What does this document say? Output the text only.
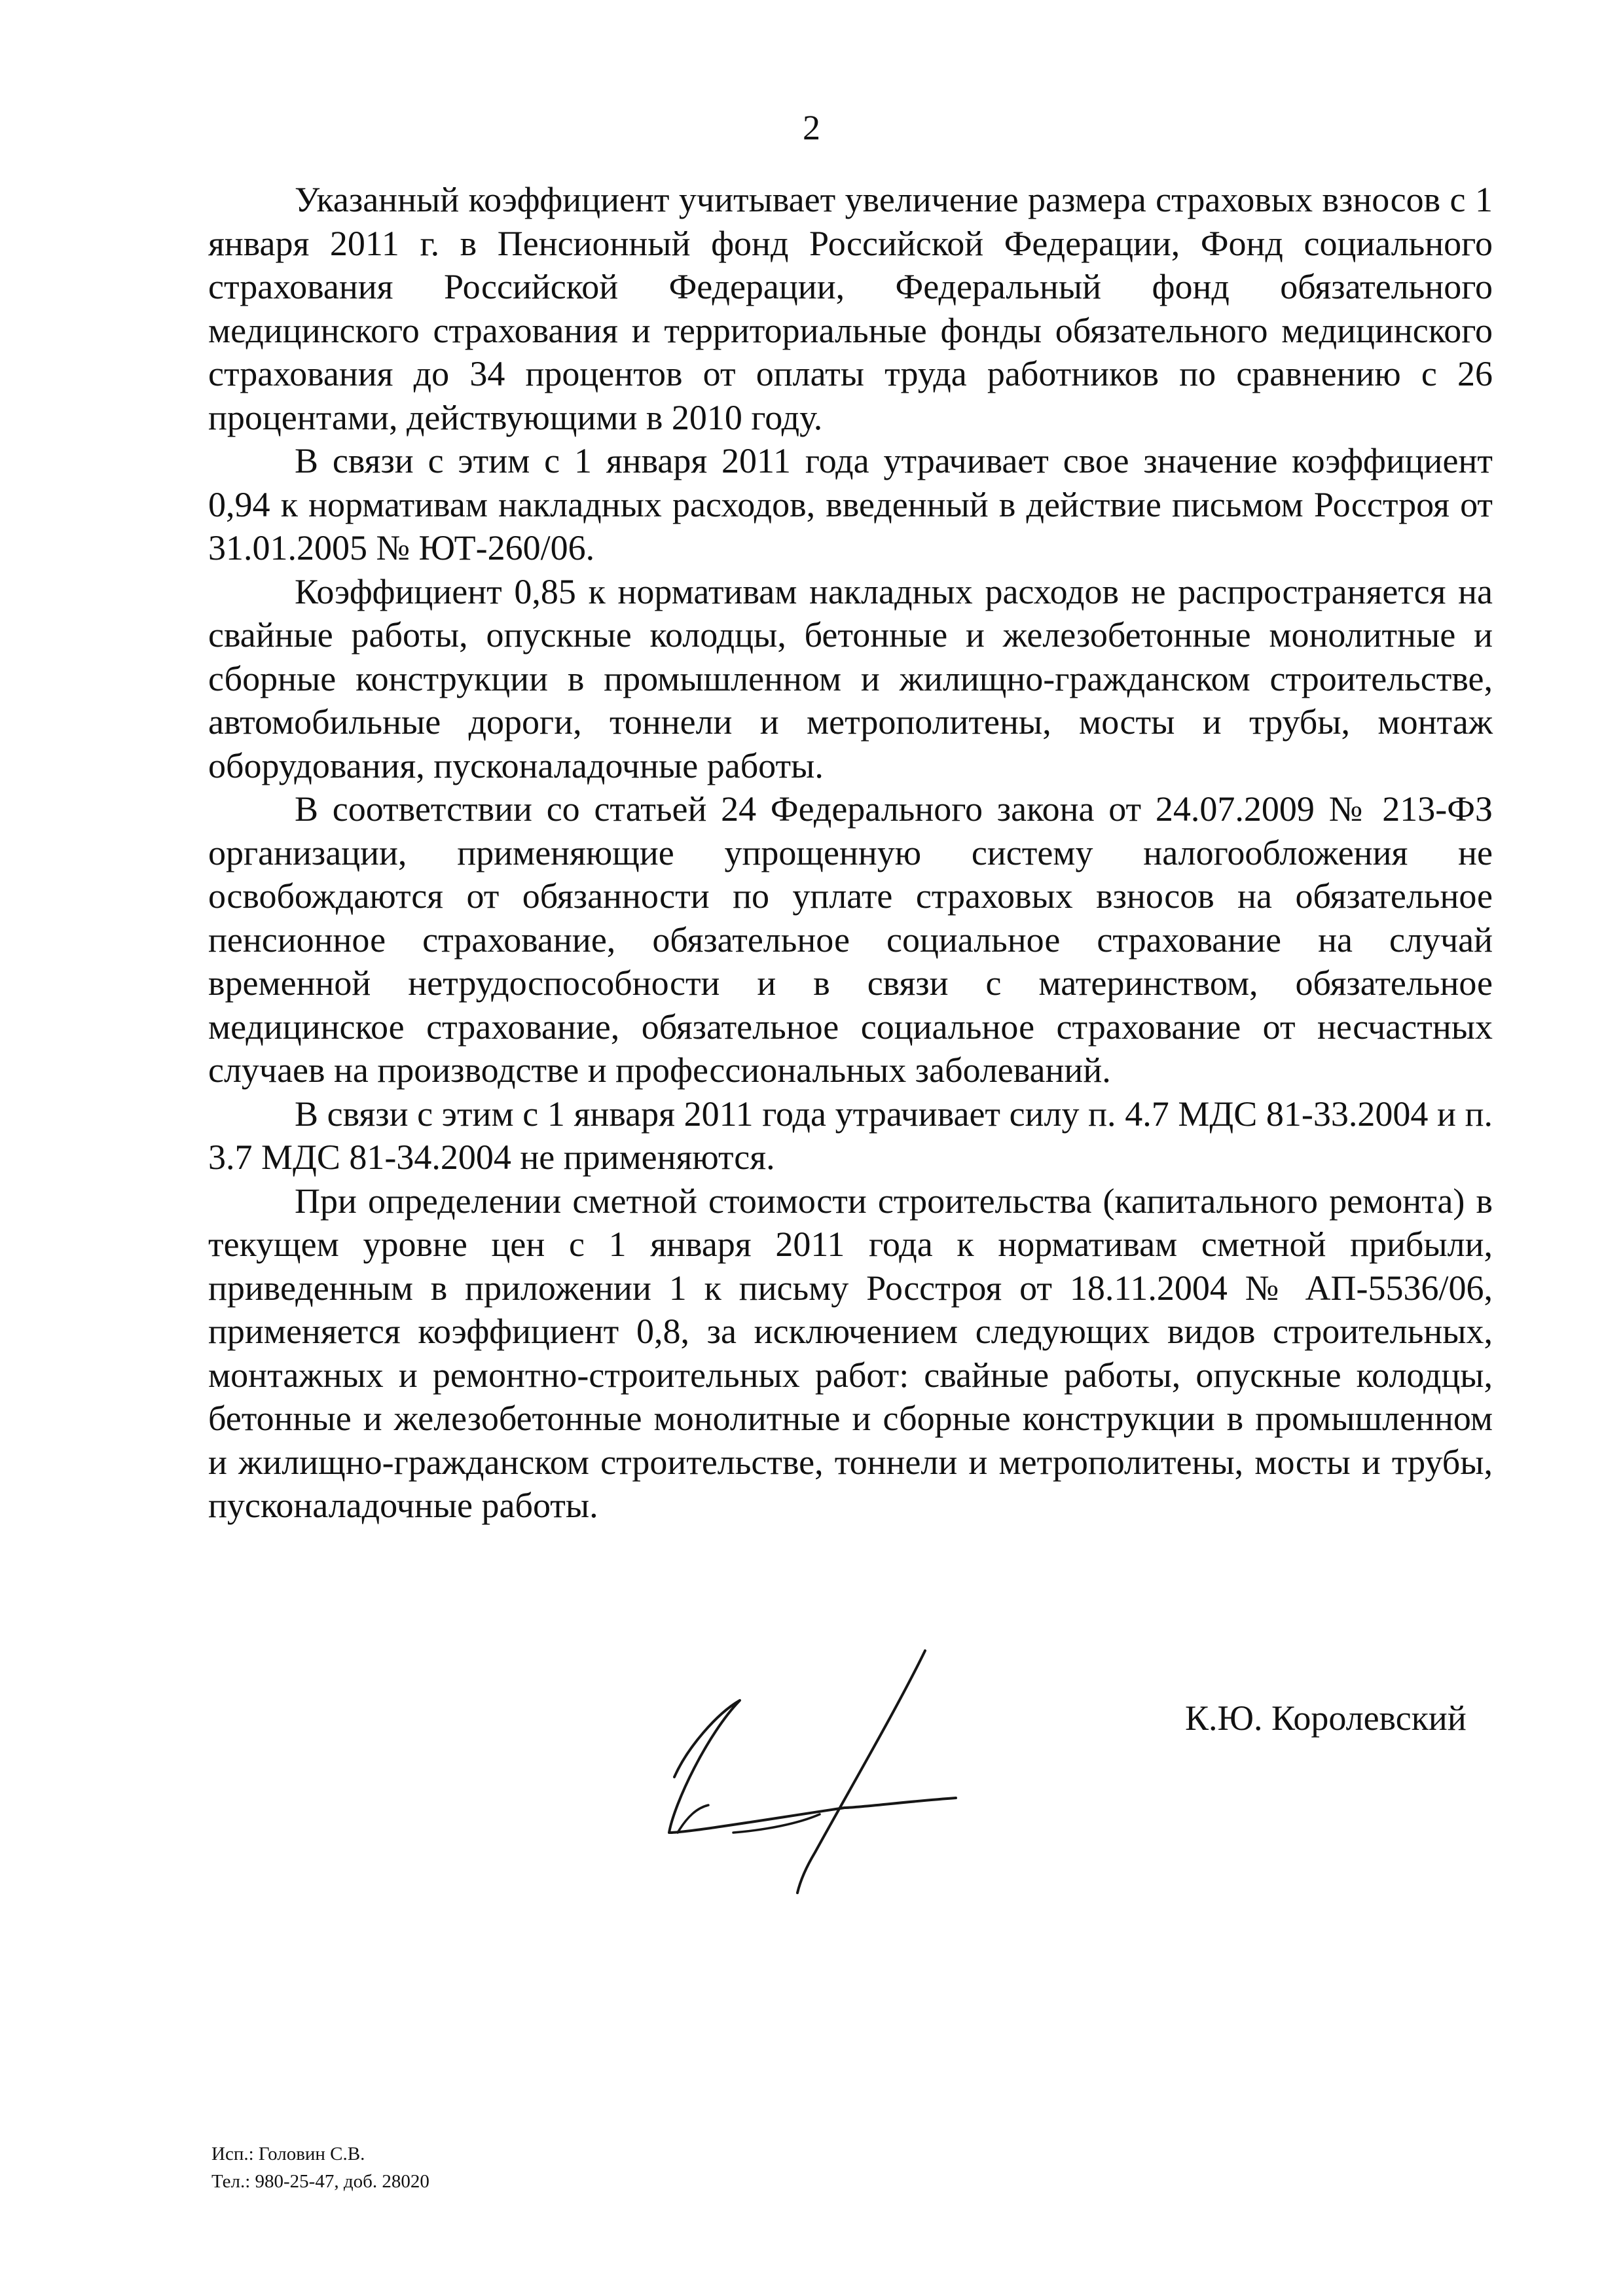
2

Указанный коэффициент учитывает увеличение размера страховых взносов с 1 января 2011 г. в Пенсионный фонд Российской Федерации, Фонд социального страхования Российской Федерации, Федеральный фонд обязательного медицинского страхования и территориальные фонды обязательного медицинского страхования до 34 процентов от оплаты труда работников по сравнению с 26 процентами, действующими в 2010 году.

В связи с этим с 1 января 2011 года утрачивает свое значение коэффициент 0,94 к нормативам накладных расходов, введенный в действие письмом Росстроя от 31.01.2005 № ЮТ-260/06.

Коэффициент 0,85 к нормативам накладных расходов не распространяется на свайные работы, опускные колодцы, бетонные и железобетонные монолитные и сборные конструкции в промышленном и жилищно-гражданском строительстве, автомобильные дороги, тоннели и метрополитены, мосты и трубы, монтаж оборудования, пусконаладочные работы.

В соответствии со статьей 24 Федерального закона от 24.07.2009 № 213-ФЗ организации, применяющие упрощенную систему налогообложения не освобождаются от обязанности по уплате страховых взносов на обязательное пенсионное страхование, обязательное социальное страхование на случай временной нетрудоспособности и в связи с материнством, обязательное медицинское страхование, обязательное социальное страхование от несчастных случаев на производстве и профессиональных заболеваний.

В связи с этим с 1 января 2011 года утрачивает силу п. 4.7 МДС 81-33.2004 и п. 3.7 МДС 81-34.2004 не применяются.

При определении сметной стоимости строительства (капитального ремонта) в текущем уровне цен с 1 января 2011 года к нормативам сметной прибыли, приведенным в приложении 1 к письму Росстроя от 18.11.2004 № АП-5536/06, применяется коэффициент 0,8, за исключением следующих видов строительных, монтажных и ремонтно-строительных работ: свайные работы, опускные колодцы, бетонные и железобетонные монолитные и сборные конструкции в промышленном и жилищно-гражданском строительстве, тоннели и метрополитены, мосты и трубы, пусконаладочные работы.

К.Ю. Королевский
Исп.: Головин С.В.
Тел.: 980-25-47, доб. 28020
